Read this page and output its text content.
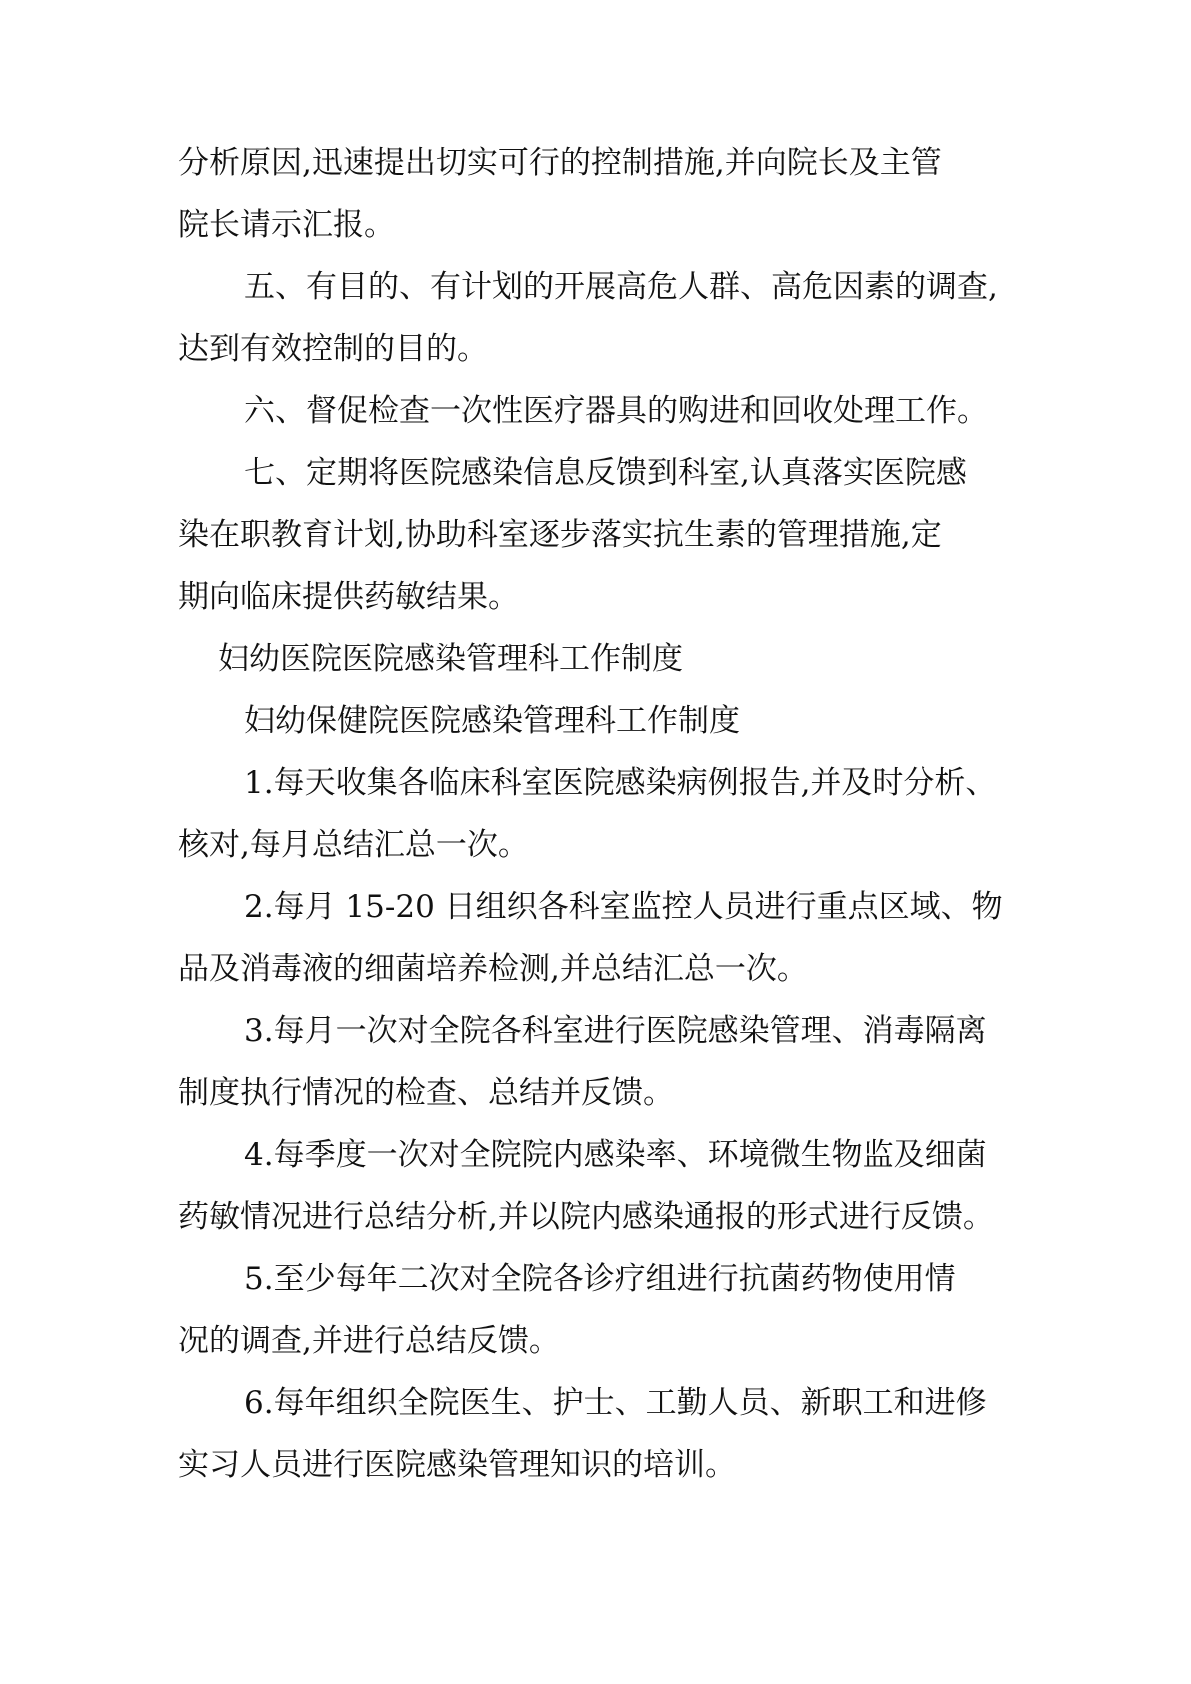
分析原因,迅速提出切实可行的控制措施,并向院长及主管
院长请示汇报。
五、有目的、有计划的开展高危人群、高危因素的调查,
达到有效控制的目的。
六、督促检查一次性医疗器具的购进和回收处理工作。
七、定期将医院感染信息反馈到科室,认真落实医院感
染在职教育计划,协助科室逐步落实抗生素的管理措施,定
期向临床提供药敏结果。
妇幼医院医院感染管理科工作制度
妇幼保健院医院感染管理科工作制度
1.每天收集各临床科室医院感染病例报告,并及时分析、
核对,每月总结汇总一次。
2.每月 15-20 日组织各科室监控人员进行重点区域、物
品及消毒液的细菌培养检测,并总结汇总一次。
3.每月一次对全院各科室进行医院感染管理、消毒隔离
制度执行情况的检查、总结并反馈。
4.每季度一次对全院院内感染率、环境微生物监及细菌
药敏情况进行总结分析,并以院内感染通报的形式进行反馈。
5.至少每年二次对全院各诊疗组进行抗菌药物使用情
况的调查,并进行总结反馈。
6.每年组织全院医生、护士、工勤人员、新职工和进修
实习人员进行医院感染管理知识的培训。
